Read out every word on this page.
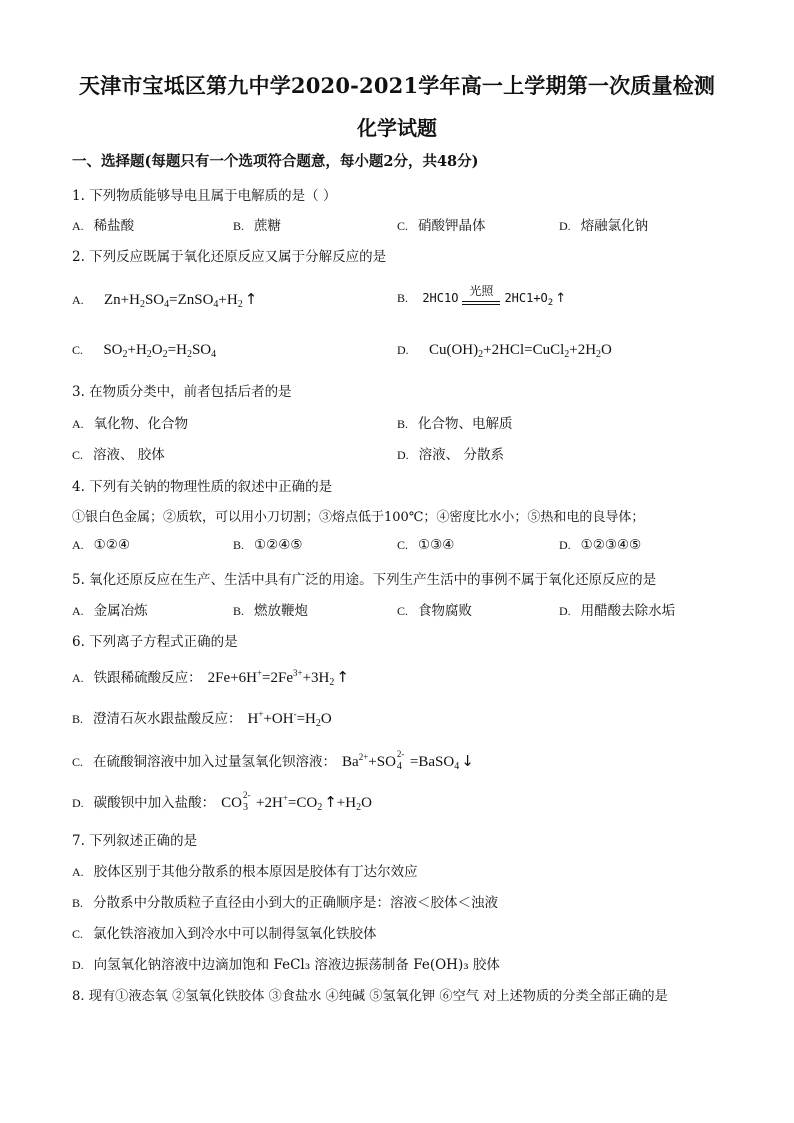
天津市宝坻区第九中学2020-2021学年高一上学期第一次质量检测
化学试题
一、选择题(每题只有一个选项符合题意，每小题2分，共48分)
1. 下列物质能够导电且属于电解质的是（ ）
A. 稀盐酸	B. 蔗糖	C. 硝酸钾晶体	D. 熔融氯化钠
2. 下列反应既属于氧化还原反应又属于分解反应的是
A. $Zn+H_2SO_4=ZnSO_4+H_2$ ↑	B. 2HC1O
光照
$2HC1+O_2$ ↑
C. $SO_2+H_2O_2=H_2SO_4$	D. $Cu(OH)_2+2HCl=CuCl_2+2H_2O$
3. 在物质分类中，前者包括后者的是
A. 氧化物、化合物	B. 化合物、电解质
C. 溶液、 胶体	D. 溶液、 分散系
4. 下列有关钠的物理性质的叙述中正确的是
①银白色金属；②质软，可以用小刀切割；③熔点低于100℃；④密度比水小；⑤热和电的良导体；
A. ①②④	B. ①②④⑤	C. ①③④	D. ①②③④⑤
5. 氧化还原反应在生产、生活中具有广泛的用途。下列生产生活中的事例不属于氧化还原反应的是
A. 金属冶炼	B. 燃放鞭炮	C. 食物腐败	D. 用醋酸去除水垢
6. 下列离子方程式正确的是
A. 铁跟稀硫酸反应： $2Fe+6H^+=2Fe^{3+}+3H_2$ ↑
B. 澄清石灰水跟盐酸反应： $H^++OH^-=H_2O$
C. 在硫酸铜溶液中加入过量氢氧化钡溶液： $Ba^{2+}+SO$
2-
4 =BaSO$_4$ ↓
D. 碳酸钡中加入盐酸： CO
2-
$3 +2H^+=CO_2$ $↑+H_2O$
7. 下列叙述正确的是
A. 胶体区别于其他分散系的根本原因是胶体有丁达尔效应
B. 分散系中分散质粒子直径由小到大的正确顺序是：溶液＜胶体＜浊液
C. 氯化铁溶液加入到冷水中可以制得氢氧化铁胶体
D. 向氢氧化钠溶液中边滴加饱和 FeCl₃ 溶液边振荡制备 Fe(OH)₃ 胶体
8. 现有①液态氧 ②氢氧化铁胶体 ③食盐水 ④纯碱 ⑤氢氧化钾 ⑥空气 对上述物质的分类全部正确的是
